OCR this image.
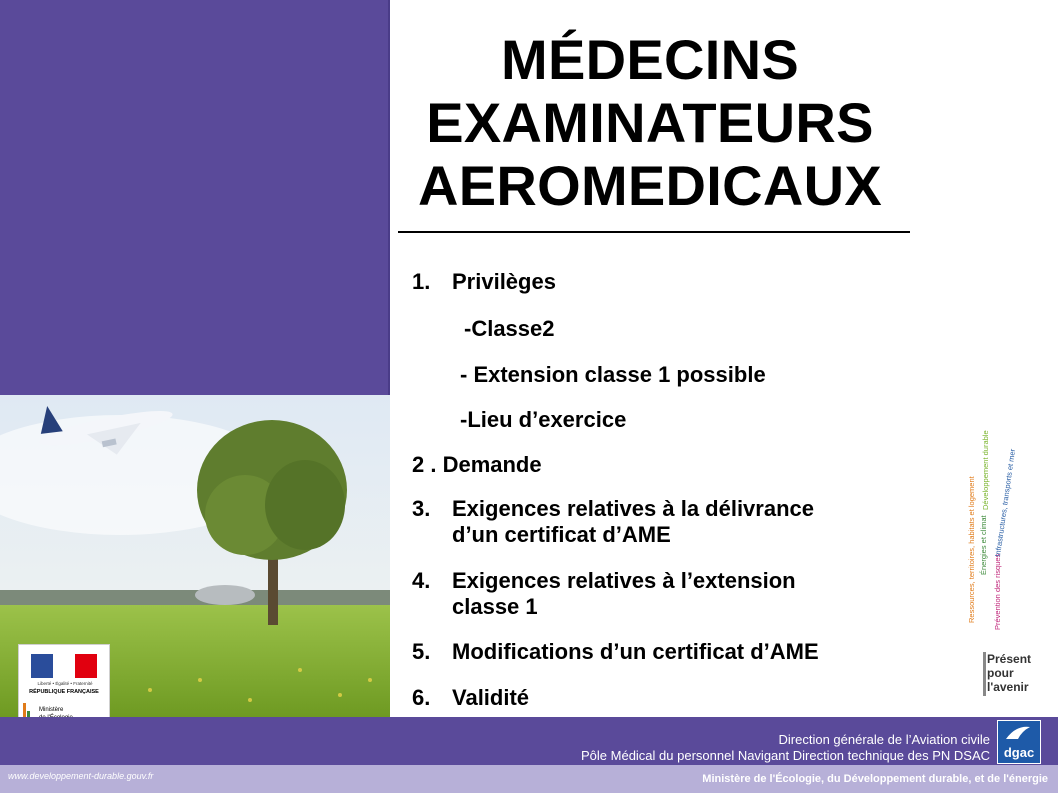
MÉDECINS
EXAMINATEURS
AEROMEDICAUX
1. Privilèges
-Classe2
- Extension classe 1 possible
-Lieu d’exercice
2 . Demande
3. Exigences relatives à la délivrance
d’un certificat d’AME
4. Exigences relatives à l’extension
classe 1
5. Modifications d’un certificat d’AME
6. Validité
Ressources, territoires, habitats et logement Énergies et climat
Développement durable
Prévention des risques
Infrastructures, transports et mer
Présent
pour
l'avenir
Liberté • Égalité • Fraternité
RÉPUBLIQUE FRANÇAISE
Ministère
Direction générale de l’Aviation civile
Pôle Médical du personnel Navigant Direction technique des PN DSAC	dgac
www.developpement-durable.gouv.fr	Ministère de l'Écologie, du Développement durable, et de l'énergie
